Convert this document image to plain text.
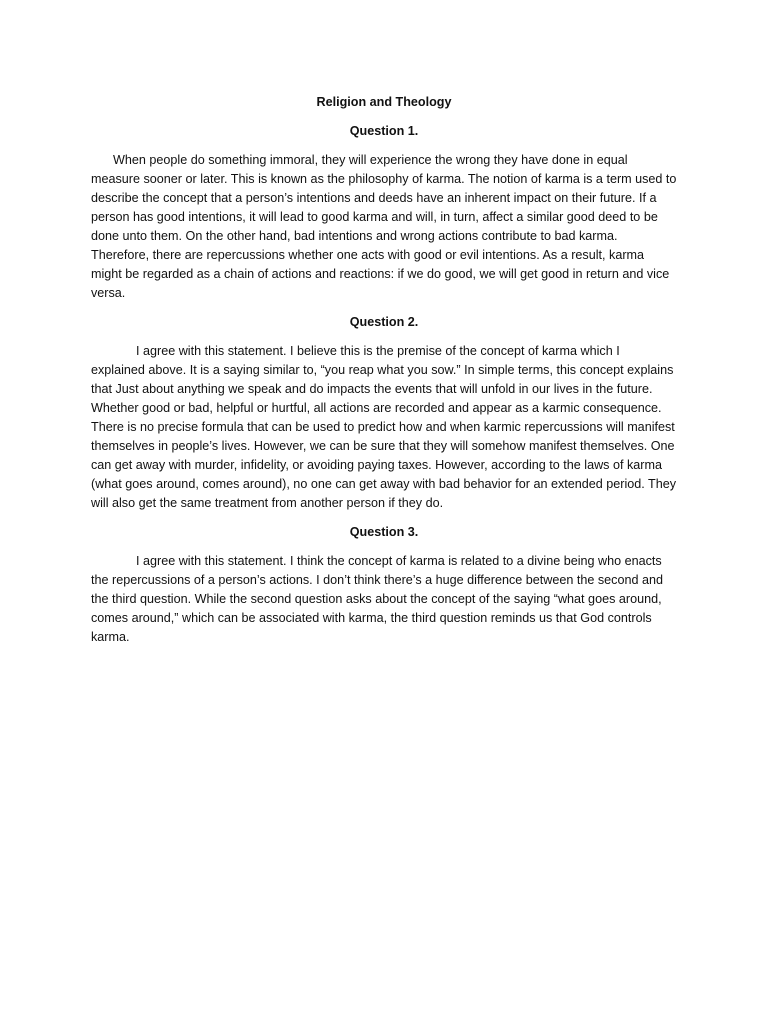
Religion and Theology
Question 1.

When people do something immoral, they will experience the wrong they have done in equal measure sooner or later. This is known as the philosophy of karma. The notion of karma is a term used to describe the concept that a person’s intentions and deeds have an inherent impact on their future. If a person has good intentions, it will lead to good karma and will, in turn, affect a similar good deed to be done unto them. On the other hand, bad intentions and wrong actions contribute to bad karma. Therefore, there are repercussions whether one acts with good or evil intentions. As a result, karma might be regarded as a chain of actions and reactions: if we do good, we will get good in return and vice versa.

Question 2.

I agree with this statement. I believe this is the premise of the concept of karma which I explained above. It is a saying similar to, “you reap what you sow.” In simple terms, this concept explains that Just about anything we speak and do impacts the events that will unfold in our lives in the future. Whether good or bad, helpful or hurtful, all actions are recorded and appear as a karmic consequence. There is no precise formula that can be used to predict how and when karmic repercussions will manifest themselves in people’s lives. However, we can be sure that they will somehow manifest themselves. One can get away with murder, infidelity, or avoiding paying taxes. However, according to the laws of karma (what goes around, comes around), no one can get away with bad behavior for an extended period. They will also get the same treatment from another person if they do.

Question 3.

I agree with this statement. I think the concept of karma is related to a divine being who enacts the repercussions of a person’s actions. I don’t think there’s a huge difference between the second and the third question. While the second question asks about the concept of the saying “what goes around, comes around,” which can be associated with karma, the third question reminds us that God controls karma.
